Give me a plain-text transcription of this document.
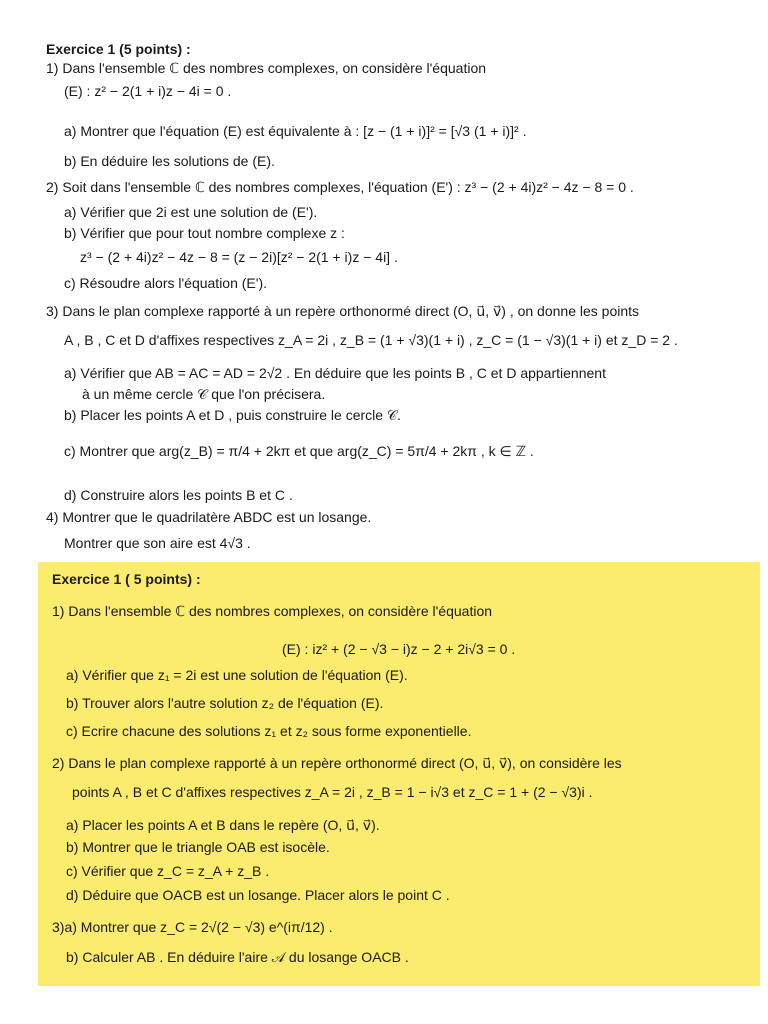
Exercice 1 (5 points) :
1) Dans l'ensemble ℂ des nombres complexes, on considère l'équation
(E) : z² − 2(1 + i)z − 4i = 0 .
a) Montrer que l'équation (E) est équivalente à : [z − (1 + i)]² = [√3 (1 + i)]² .
b) En déduire les solutions de (E).
2) Soit dans l'ensemble ℂ des nombres complexes, l'équation (E') : z³ − (2 + 4i)z² − 4z − 8 = 0 .
a) Vérifier que 2i est une solution de (E').
b) Vérifier que pour tout nombre complexe z :
z³ − (2 + 4i)z² − 4z − 8 = (z − 2i)[z² − 2(1 + i)z − 4i] .
c) Résoudre alors l'équation (E').
3) Dans le plan complexe rapporté à un repère orthonormé direct (O, u⃗, v⃗) , on donne les points
A , B , C et D d'affixes respectives z_A = 2i , z_B = (1 + √3)(1 + i) , z_C = (1 − √3)(1 + i) et z_D = 2 .
a) Vérifier que AB = AC = AD = 2√2 . En déduire que les points B , C et D appartiennent
à un même cercle 𝒞 que l'on précisera.
b) Placer les points A et D , puis construire le cercle 𝒞.
c) Montrer que arg(z_B) = π/4 + 2kπ et que arg(z_C) = 5π/4 + 2kπ , k ∈ ℤ .
d) Construire alors les points B et C .
4) Montrer que le quadrilatère ABDC est un losange.
Montrer que son aire est 4√3 .
Exercice 1 ( 5 points) :
1) Dans l'ensemble ℂ des nombres complexes, on considère l'équation
(E) : iz² + (2 − √3 − i)z − 2 + 2i√3 = 0 .
a) Vérifier que z₁ = 2i est une solution de l'équation (E).
b) Trouver alors l'autre solution z₂ de l'équation (E).
c) Ecrire chacune des solutions z₁ et z₂ sous forme exponentielle.
2) Dans le plan complexe rapporté à un repère orthonormé direct (O, u⃗, v⃗), on considère les
points A , B et C d'affixes respectives z_A = 2i , z_B = 1 − i√3 et z_C = 1 + (2 − √3)i .
a) Placer les points A et B dans le repère (O, u⃗, v⃗).
b) Montrer que le triangle OAB est isocèle.
c) Vérifier que z_C = z_A + z_B .
d) Déduire que OACB est un losange. Placer alors le point C .
3)a) Montrer que z_C = 2√(2 − √3) e^(iπ/12) .
b) Calculer AB . En déduire l'aire 𝒜 du losange OACB .
